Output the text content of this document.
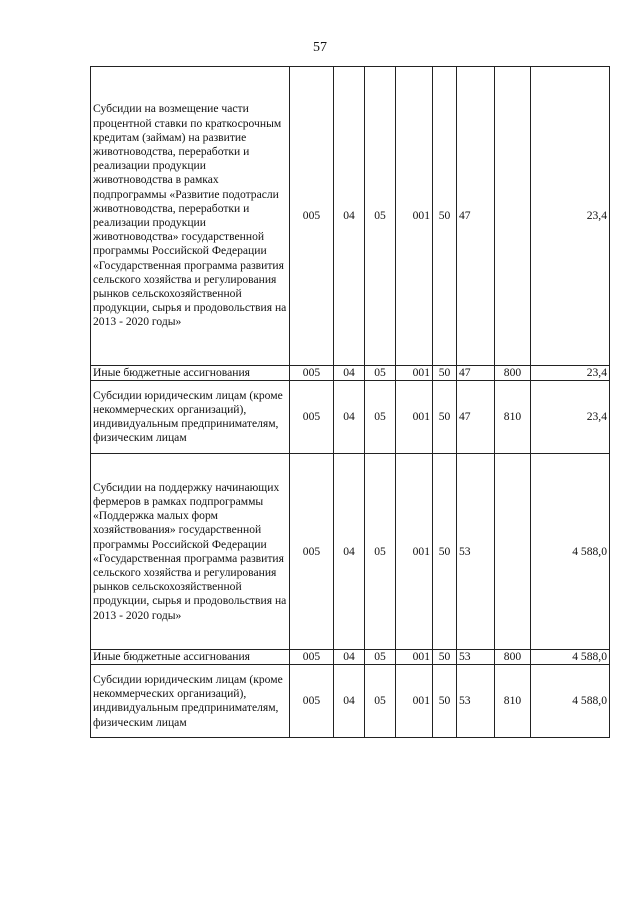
57
Субсидии на возмещение части процентной ставки по краткосрочным кредитам (займам) на развитие животноводства, переработки и реализации продукции животноводства в рамках подпрограммы «Развитие подотрасли животноводства, переработки и реализации продукции животноводства» государственной программы Российской Федерации «Государственная программа развития сельского хозяйства и регулирования рынков сельскохозяйственной продукции, сырья и продовольствия на 2013 - 2020 годы»	005	04	05	001	50	47		23,4
Иные бюджетные ассигнования	005	04	05	001	50	47	800	23,4
Субсидии юридическим лицам (кроме некоммерческих организаций), индивидуальным предпринимателям, физическим лицам	005	04	05	001	50	47	810	23,4
Субсидии на поддержку начинающих фермеров в рамках подпрограммы «Поддержка малых форм хозяйствования» государственной программы Российской Федерации «Государственная программа развития сельского хозяйства и регулирования рынков сельскохозяйственной продукции, сырья и продовольствия на 2013 - 2020 годы»	005	04	05	001	50	53		4 588,0
Иные бюджетные ассигнования	005	04	05	001	50	53	800	4 588,0
Субсидии юридическим лицам (кроме некоммерческих организаций), индивидуальным предпринимателям, физическим лицам	005	04	05	001	50	53	810	4 588,0
